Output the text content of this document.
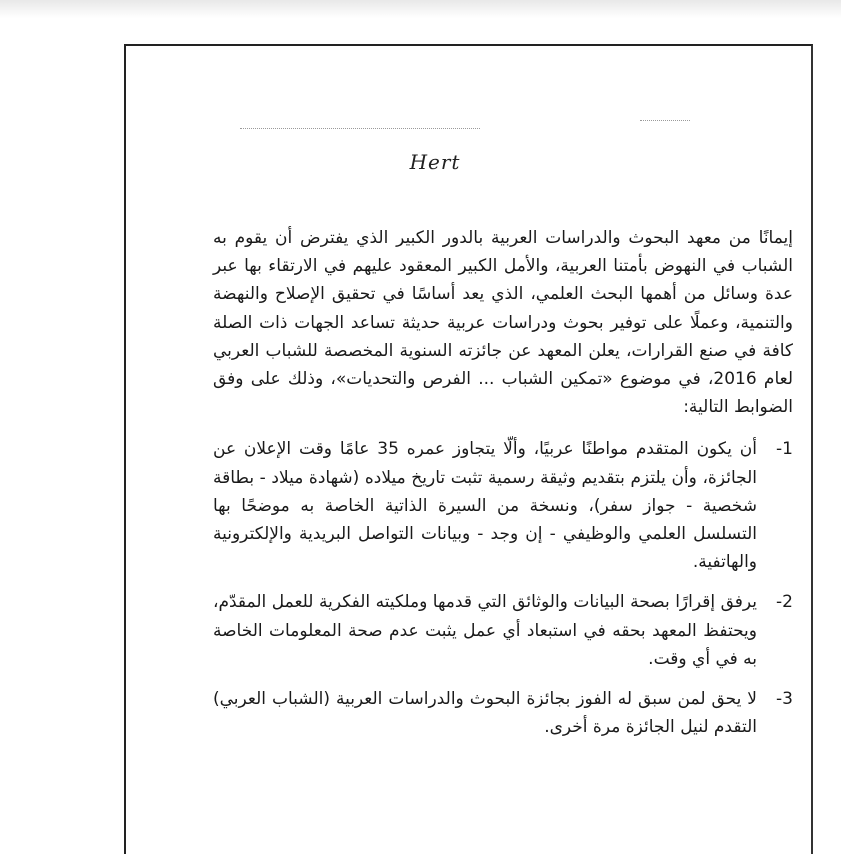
Hert

إيمانًا من معهد البحوث والدراسات العربية بالدور الكبير الذي يفترض أن يقوم به الشباب في النهوض بأمتنا العربية، والأمل الكبير المعقود عليهم في الارتقاء بها عبر عدة وسائل من أهمها البحث العلمي، الذي يعد أساسًا في تحقيق الإصلاح والنهضة والتنمية، وعملًا على توفير بحوث ودراسات عربية حديثة تساعد الجهات ذات الصلة كافة في صنع القرارات، يعلن المعهد عن جائزته السنوية المخصصة للشباب العربي لعام 2016، في موضوع «تمكين الشباب ... الفرص والتحديات»، وذلك على وفق الضوابط التالية:

-1
أن يكون المتقدم مواطنًا عربيًا، وألّا يتجاوز عمره 35 عامًا وقت الإعلان عن الجائزة، وأن يلتزم بتقديم وثيقة رسمية تثبت تاريخ ميلاده (شهادة ميلاد - بطاقة شخصية - جواز سفر)، ونسخة من السيرة الذاتية الخاصة به موضحًا بها التسلسل العلمي والوظيفي - إن وجد - وبيانات التواصل البريدية والإلكترونية والهاتفية.
-2
يرفق إقرارًا بصحة البيانات والوثائق التي قدمها وملكيته الفكرية للعمل المقدّم، ويحتفظ المعهد بحقه في استبعاد أي عمل يثبت عدم صحة المعلومات الخاصة به في أي وقت.
-3
لا يحق لمن سبق له الفوز بجائزة البحوث والدراسات العربية (الشباب العربي) التقدم لنيل الجائزة مرة أخرى.
